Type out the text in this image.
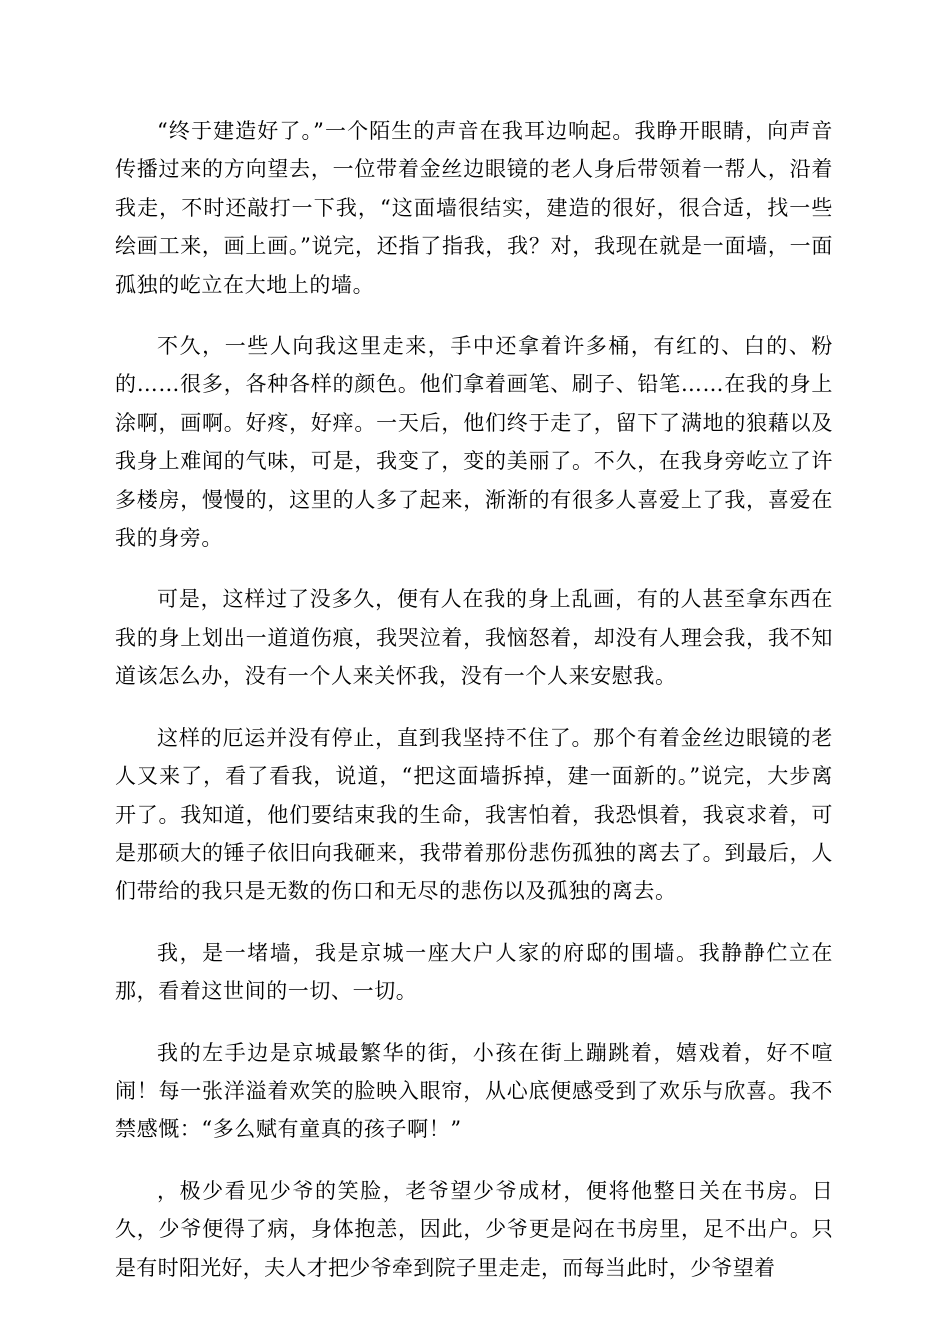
“终于建造好了。”一个陌生的声音在我耳边响起。我睁开眼睛，向声音传播过来的方向望去，一位带着金丝边眼镜的老人身后带领着一帮人，沿着我走，不时还敲打一下我，“这面墙很结实，建造的很好，很合适，找一些绘画工来，画上画。”说完，还指了指我，我？对，我现在就是一面墙，一面孤独的屹立在大地上的墙。

不久，一些人向我这里走来，手中还拿着许多桶，有红的、白的、粉的……很多，各种各样的颜色。他们拿着画笔、刷子、铅笔……在我的身上涂啊，画啊。好疼，好痒。一天后，他们终于走了，留下了满地的狼藉以及我身上难闻的气味，可是，我变了，变的美丽了。不久，在我身旁屹立了许多楼房，慢慢的，这里的人多了起来，渐渐的有很多人喜爱上了我，喜爱在我的身旁。

可是，这样过了没多久，便有人在我的身上乱画，有的人甚至拿东西在我的身上划出一道道伤痕，我哭泣着，我恼怒着，却没有人理会我，我不知道该怎么办，没有一个人来关怀我，没有一个人来安慰我。

这样的厄运并没有停止，直到我坚持不住了。那个有着金丝边眼镜的老人又来了，看了看我，说道，“把这面墙拆掉，建一面新的。”说完，大步离开了。我知道，他们要结束我的生命，我害怕着，我恐惧着，我哀求着，可是那硕大的锤子依旧向我砸来，我带着那份悲伤孤独的离去了。到最后，人们带给的我只是无数的伤口和无尽的悲伤以及孤独的离去。

我，是一堵墙，我是京城一座大户人家的府邸的围墙。我静静伫立在那，看着这世间的一切、一切。

我的左手边是京城最繁华的街，小孩在街上蹦跳着，嬉戏着，好不喧闹！每一张洋溢着欢笑的脸映入眼帘，从心底便感受到了欢乐与欣喜。我不禁感慨：“多么赋有童真的孩子啊！”

，极少看见少爷的笑脸，老爷望少爷成材，便将他整日关在书房。日久，少爷便得了病，身体抱恙，因此，少爷更是闷在书房里，足不出户。只是有时阳光好，夫人才把少爷牵到院子里走走，而每当此时，少爷望着
